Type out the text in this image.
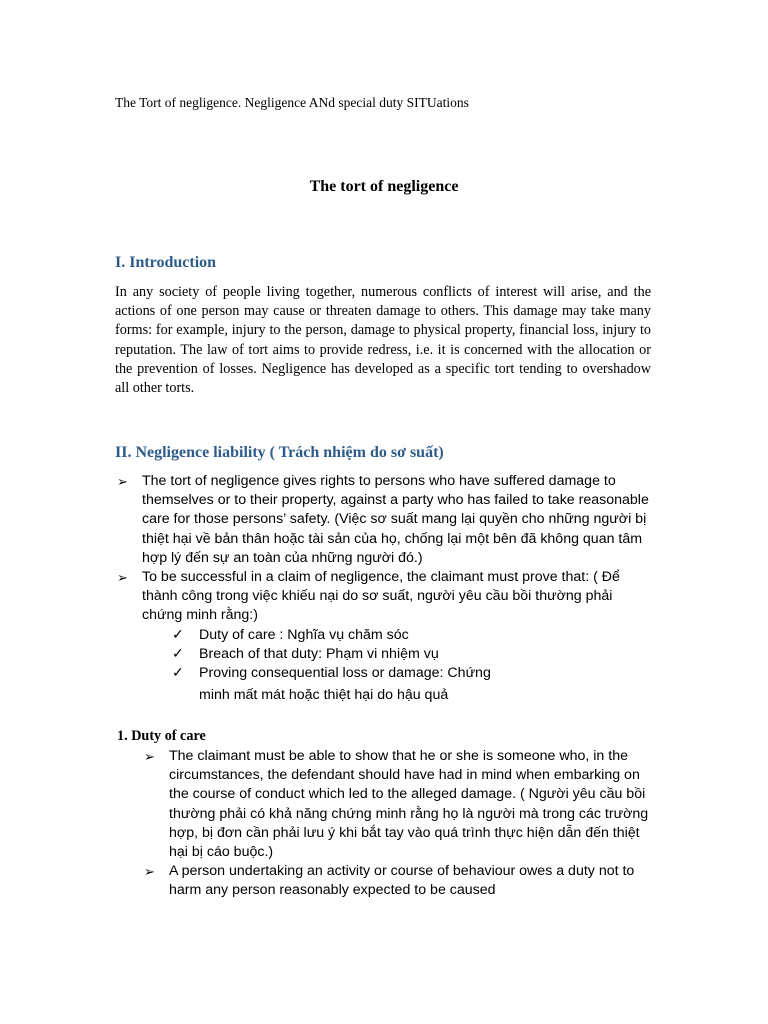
The Tort of negligence. Negligence ANd special duty SITUations
The tort of negligence
I. Introduction
In any society of people living together, numerous conflicts of interest will arise, and the actions of one person may cause or threaten damage to others. This damage may take many forms: for example, injury to the person, damage to physical property, financial loss, injury to reputation. The law of tort aims to provide redress, i.e. it is concerned with the allocation or the prevention of losses. Negligence has developed as a specific tort tending to overshadow all other torts.
II. Negligence liability ( Trách nhiệm do sơ suất)
➢ The tort of negligence gives rights to persons who have suffered damage to themselves or to their property, against a party who has failed to take reasonable care for those persons’ safety. (Việc sơ suất mang lại quyền cho những người bị thiệt hại về bản thân hoặc tài sản của họ, chống lại một bên đã không quan tâm hợp lý đến sự an toàn của những người đó.)
➢ To be successful in a claim of negligence, the claimant must prove that: ( Để thành công trong việc khiếu nại do sơ suất, người yêu cầu bồi thường phải chứng minh rằng:)
✓ Duty of care : Nghĩa vụ chăm sóc
✓ Breach of that duty: Phạm vi nhiệm vụ
✓ Proving consequential loss or damage: Chứng
minh mất mát hoặc thiệt hại do hậu quả
1. Duty of care
➢ The claimant must be able to show that he or she is someone who, in the circumstances, the defendant should have had in mind when embarking on the course of conduct which led to the alleged damage. ( Người yêu cầu bồi thường phải có khả năng chứng minh rằng họ là người mà trong các trường hợp, bị đơn cần phải lưu ý khi bắt tay vào quá trình thực hiện dẫn đến thiệt hại bị cáo buộc.)
➢ A person undertaking an activity or course of behaviour owes a duty not to harm any person reasonably expected to be caused
